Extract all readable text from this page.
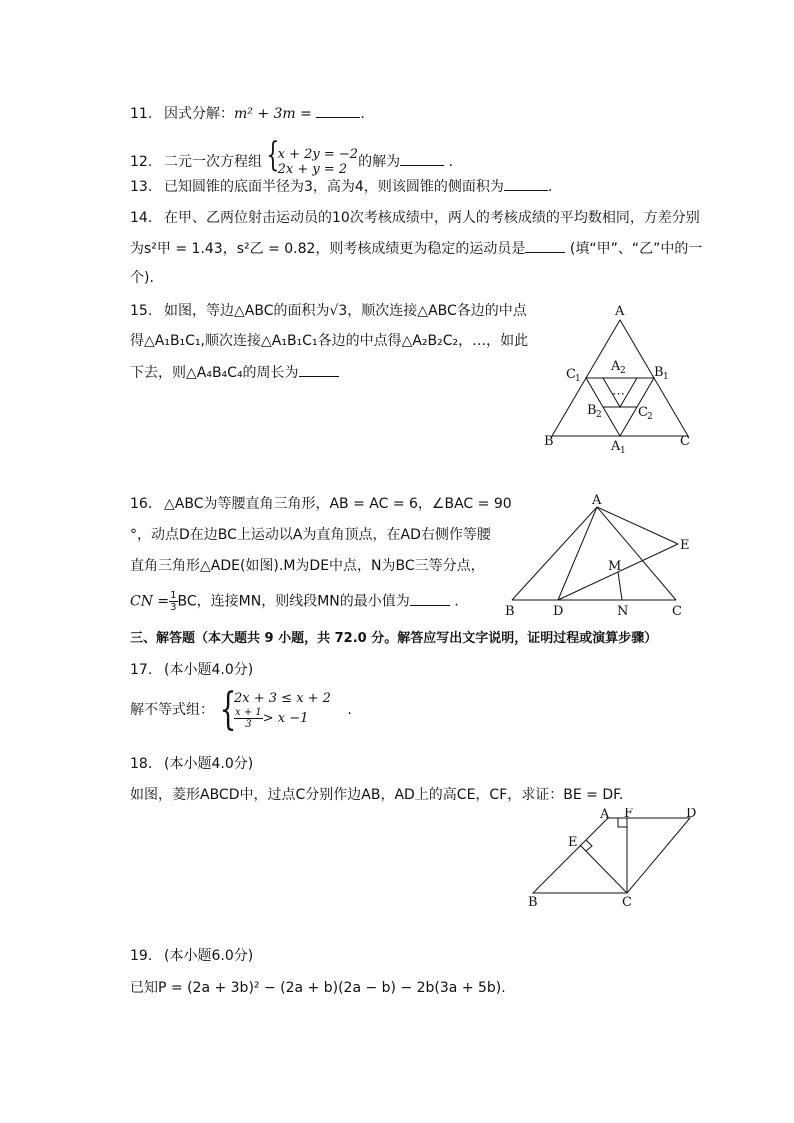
11. 因式分解：m² + 3m =	.
12. 二元一次方程组 {
x + 2y = −2
2x + y = 2 的解为	.
13. 已知圆锥的底面半径为3，高为4，则该圆锥的侧面积为	.
14. 在甲、乙两位射击运动员的10次考核成绩中，两人的考核成绩的平均数相同，方差分别
为s²甲 = 1.43，s²乙 = 0.82，则考核成绩更为稳定的运动员是	(填“甲”、“乙”中的一
个).
15. 如图，等边△ABC的面积为√3，顺次连接△ABC各边的中点
得△A₁B₁C₁,顺次连接△A₁B₁C₁各边的中点得△A₂B₂C₂，…，如此
下去，则△A₄B₄C₄的周长为
A
B	C
C 1	B 1
A 2
B 2	C 2
⋯
A 1
16. △ABC为等腰直角三角形，AB = AC = 6，∠BAC = 90
°，动点D在边BC上运动以A为直角顶点，在AD右侧作等腰
直角三角形△ADE(如图).M为DE中点，N为BC三等分点，
CN = $\frac{1}{3}$ BC，连接MN，则线段MN的最小值为	.
A
B	C
D
E
M
N
三、解答题（本大题共 9 小题，共 72.0 分。解答应写出文字说明，证明过程或演算步骤）
17. (本小题4.0分)
解不等式组： {
2x + 3 ≤ x + 2
$\frac{x + 1}{3} > x -1$	.
18. (本小题4.0分)
如图，菱形ABCD中，过点C分别作边AB，AD上的高CE，CF，求证：BE = DF.
A F	D
E
B	C
19. (本小题6.0分)
已知P = (2a + 3b)² − (2a + b)(2a − b) − 2b(3a + 5b).
